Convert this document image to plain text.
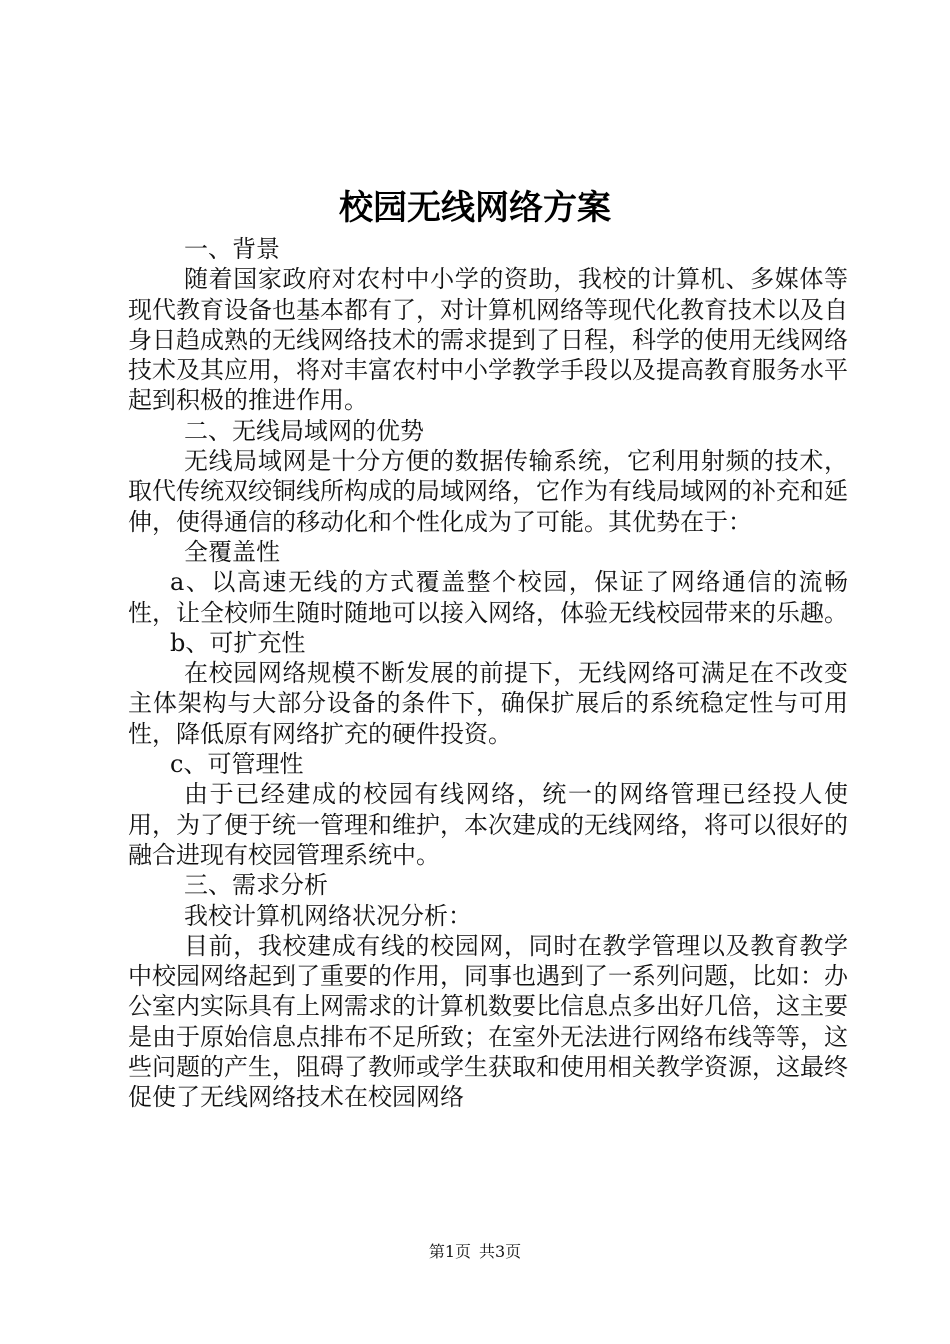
校园无线网络方案

一、背景

随着国家政府对农村中小学的资助，我校的计算机、多媒体等现代教育设备也基本都有了，对计算机网络等现代化教育技术以及自身日趋成熟的无线网络技术的需求提到了日程，科学的使用无线网络技术及其应用，将对丰富农村中小学教学手段以及提高教育服务水平起到积极的推进作用。

二、无线局域网的优势

无线局域网是十分方便的数据传输系统，它利用射频的技术，取代传统双绞铜线所构成的局域网络，它作为有线局域网的补充和延伸，使得通信的移动化和个性化成为了可能。其优势在于：

全覆盖性

a、以高速无线的方式覆盖整个校园，保证了网络通信的流畅性，让全校师生随时随地可以接入网络，体验无线校园带来的乐趣。

b、可扩充性

在校园网络规模不断发展的前提下，无线网络可满足在不改变主体架构与大部分设备的条件下，确保扩展后的系统稳定性与可用性，降低原有网络扩充的硬件投资。

c、可管理性

由于已经建成的校园有线网络，统一的网络管理已经投人使用，为了便于统一管理和维护，本次建成的无线网络，将可以很好的融合进现有校园管理系统中。

三、需求分析

我校计算机网络状况分析：

目前，我校建成有线的校园网，同时在教学管理以及教育教学中校园网络起到了重要的作用，同事也遇到了一系列问题，比如：办公室内实际具有上网需求的计算机数要比信息点多出好几倍，这主要是由于原始信息点排布不足所致；在室外无法进行网络布线等等，这些问题的产生，阻碍了教师或学生获取和使用相关教学资源，这最终促使了无线网络技术在校园网络

第1页 共3页
